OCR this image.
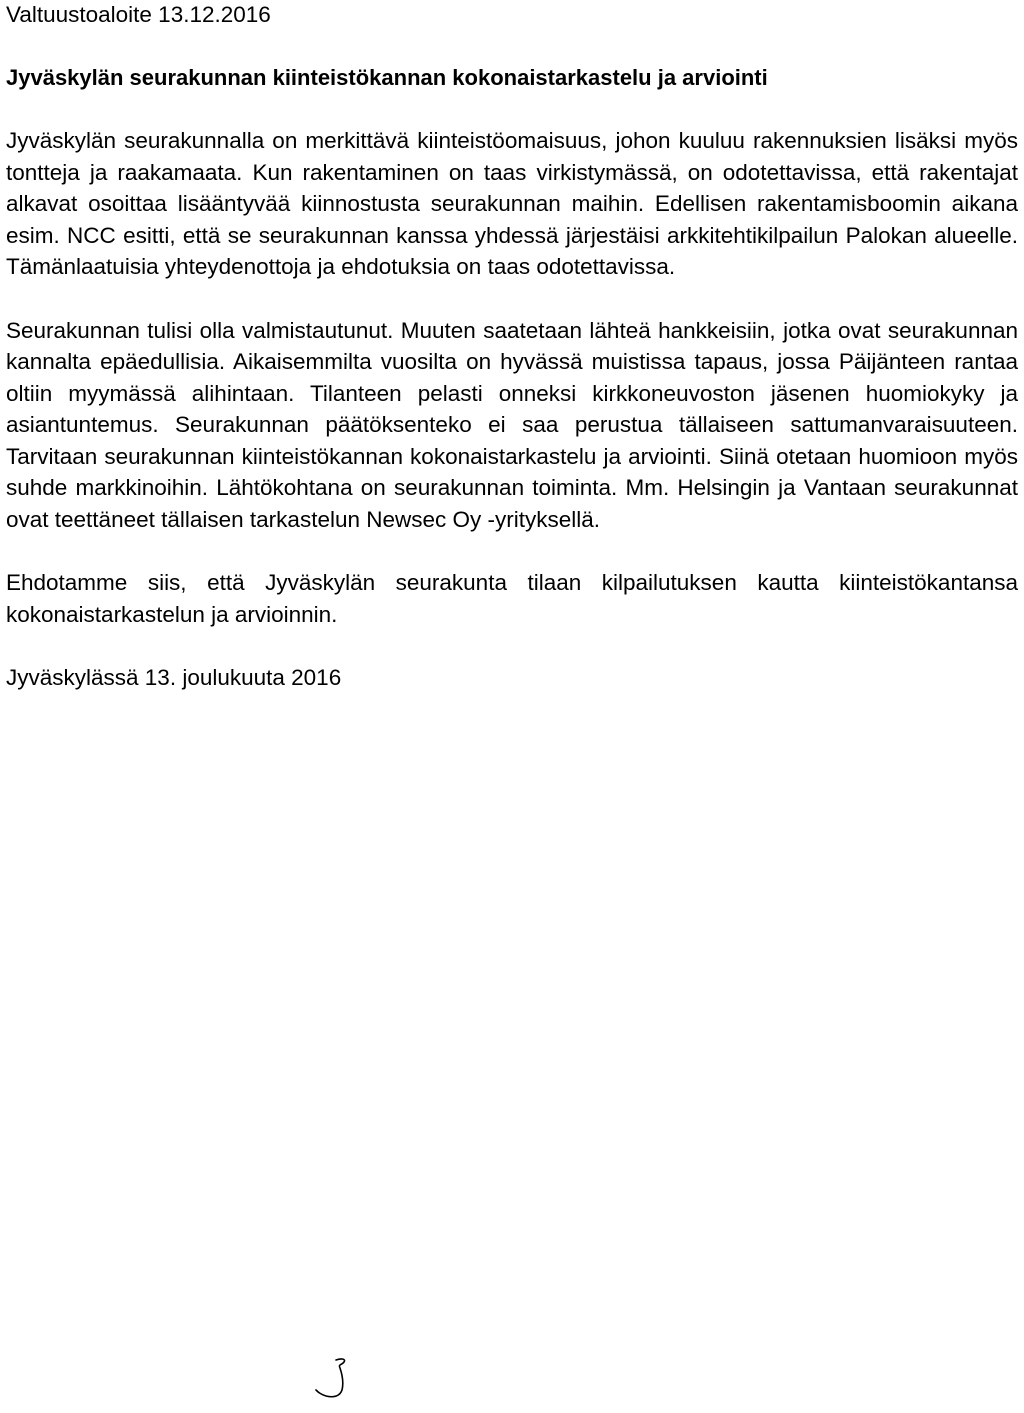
Valtuustoaloite 13.12.2016

Jyväskylän seurakunnan kiinteistökannan kokonaistarkastelu ja arviointi

Jyväskylän seurakunnalla on merkittävä kiinteistöomaisuus, johon kuuluu rakennuksien lisäksi myös tontteja ja raakamaata. Kun rakentaminen on taas virkistymässä, on odotettavissa, että rakentajat alkavat osoittaa lisääntyvää kiinnostusta seurakunnan maihin. Edellisen rakentamisboomin aikana esim. NCC esitti, että se seurakunnan kanssa yhdessä järjestäisi arkkitehtikilpailun Palokan alueelle. Tämänlaatuisia yhteydenottoja ja ehdotuksia on taas odotettavissa.

Seurakunnan tulisi olla valmistautunut. Muuten saatetaan lähteä hankkeisiin, jotka ovat seurakunnan kannalta epäedullisia. Aikaisemmilta vuosilta on hyvässä muistissa tapaus, jossa Päijänteen rantaa oltiin myymässä alihintaan. Tilanteen pelasti onneksi kirkkoneuvoston jäsenen huomiokyky ja asiantuntemus. Seurakunnan päätöksenteko ei saa perustua tällaiseen sattumanvaraisuuteen. Tarvitaan seurakunnan kiinteistökannan kokonaistarkastelu ja arviointi. Siinä otetaan huomioon myös suhde markkinoihin. Lähtökohtana on seurakunnan toiminta. Mm. Helsingin ja Vantaan seurakunnat ovat teettäneet tällaisen tarkastelun Newsec Oy -yrityksellä.

Ehdotamme siis, että Jyväskylän seurakunta tilaan kilpailutuksen kautta kiinteistökantansa kokonaistarkastelun ja arvioinnin.

Jyväskylässä 13. joulukuuta 2016
